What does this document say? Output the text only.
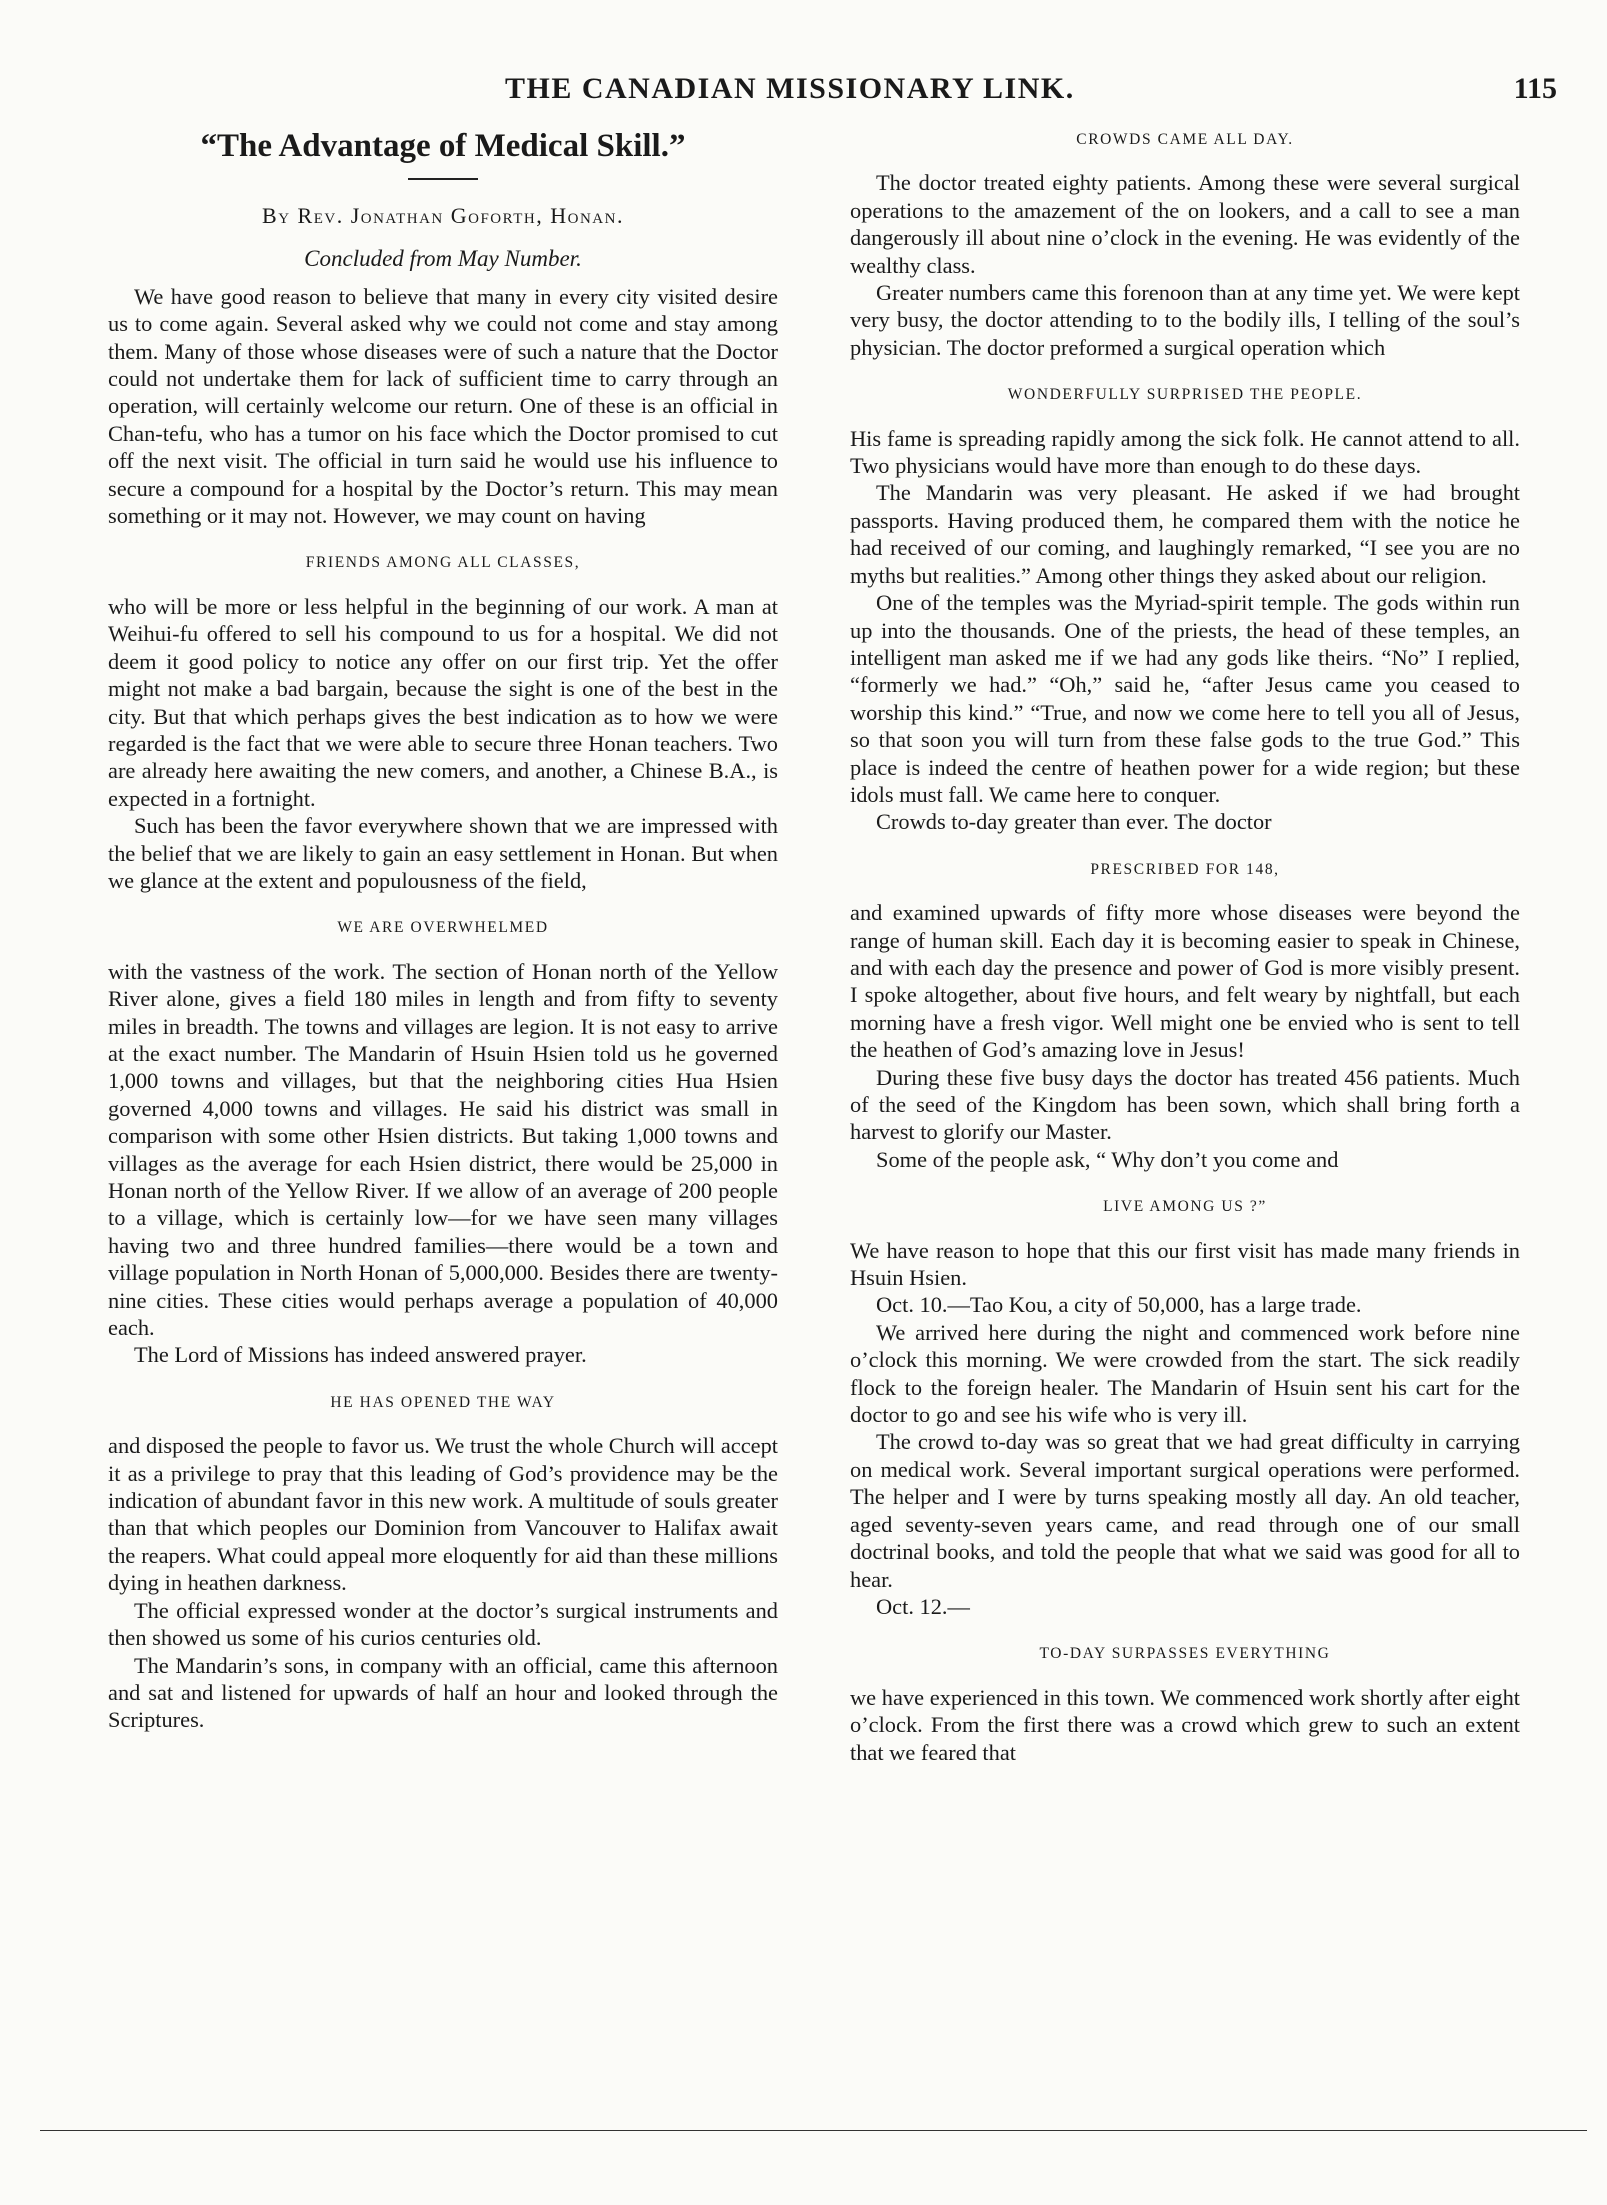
THE CANADIAN MISSIONARY LINK.	115
“The Advantage of Medical Skill.”
By Rev. Jonathan Goforth, Honan.
Concluded from May Number.

We have good reason to believe that many in every city visited desire us to come again. Several asked why we could not come and stay among them. Many of those whose diseases were of such a nature that the Doctor could not undertake them for lack of sufficient time to carry through an operation, will certainly welcome our return. One of these is an official in Chan-tefu, who has a tumor on his face which the Doctor promised to cut off the next visit. The official in turn said he would use his influence to secure a compound for a hospital by the Doctor’s return. This may mean something or it may not. However, we may count on having

FRIENDS AMONG ALL CLASSES,

who will be more or less helpful in the beginning of our work. A man at Weihui-fu offered to sell his compound to us for a hospital. We did not deem it good policy to notice any offer on our first trip. Yet the offer might not make a bad bargain, because the sight is one of the best in the city. But that which perhaps gives the best indication as to how we were regarded is the fact that we were able to secure three Honan teachers. Two are already here awaiting the new comers, and another, a Chinese B.A., is expected in a fortnight.

Such has been the favor everywhere shown that we are impressed with the belief that we are likely to gain an easy settlement in Honan. But when we glance at the extent and populousness of the field,

WE ARE OVERWHELMED

with the vastness of the work. The section of Honan north of the Yellow River alone, gives a field 180 miles in length and from fifty to seventy miles in breadth. The towns and villages are legion. It is not easy to arrive at the exact number. The Mandarin of Hsuin Hsien told us he governed 1,000 towns and villages, but that the neighboring cities Hua Hsien governed 4,000 towns and villages. He said his district was small in comparison with some other Hsien districts. But taking 1,000 towns and villages as the average for each Hsien district, there would be 25,000 in Honan north of the Yellow River. If we allow of an average of 200 people to a village, which is certainly low—for we have seen many villages having two and three hundred families—there would be a town and village population in North Honan of 5,000,000. Besides there are twenty-nine cities. These cities would perhaps average a population of 40,000 each.

The Lord of Missions has indeed answered prayer.

HE HAS OPENED THE WAY

and disposed the people to favor us. We trust the whole Church will accept it as a privilege to pray that this leading of God’s providence may be the indication of abundant favor in this new work. A multitude of souls greater than that which peoples our Dominion from Vancouver to Halifax await the reapers. What could appeal more eloquently for aid than these millions dying in heathen darkness.

The official expressed wonder at the doctor’s surgical instruments and then showed us some of his curios centuries old.

The Mandarin’s sons, in company with an official, came this afternoon and sat and listened for upwards of half an hour and looked through the Scriptures.

CROWDS CAME ALL DAY.

The doctor treated eighty patients. Among these were several surgical operations to the amazement of the on lookers, and a call to see a man dangerously ill about nine o’clock in the evening. He was evidently of the wealthy class.

Greater numbers came this forenoon than at any time yet. We were kept very busy, the doctor attending to to the bodily ills, I telling of the soul’s physician. The doctor preformed a surgical operation which

WONDERFULLY SURPRISED THE PEOPLE.

His fame is spreading rapidly among the sick folk. He cannot attend to all. Two physicians would have more than enough to do these days.

The Mandarin was very pleasant. He asked if we had brought passports. Having produced them, he compared them with the notice he had received of our coming, and laughingly remarked, “I see you are no myths but realities.” Among other things they asked about our religion.

One of the temples was the Myriad-spirit temple. The gods within run up into the thousands. One of the priests, the head of these temples, an intelligent man asked me if we had any gods like theirs. “No” I replied, “formerly we had.” “Oh,” said he, “after Jesus came you ceased to worship this kind.” “True, and now we come here to tell you all of Jesus, so that soon you will turn from these false gods to the true God.” This place is indeed the centre of heathen power for a wide region; but these idols must fall. We came here to conquer.

Crowds to-day greater than ever. The doctor

PRESCRIBED FOR 148,

and examined upwards of fifty more whose diseases were beyond the range of human skill. Each day it is becoming easier to speak in Chinese, and with each day the presence and power of God is more visibly present. I spoke altogether, about five hours, and felt weary by nightfall, but each morning have a fresh vigor. Well might one be envied who is sent to tell the heathen of God’s amazing love in Jesus!

During these five busy days the doctor has treated 456 patients. Much of the seed of the Kingdom has been sown, which shall bring forth a harvest to glorify our Master.

Some of the people ask, “ Why don’t you come and

LIVE AMONG US ?”

We have reason to hope that this our first visit has made many friends in Hsuin Hsien.

Oct. 10.—Tao Kou, a city of 50,000, has a large trade.

We arrived here during the night and commenced work before nine o’clock this morning. We were crowded from the start. The sick readily flock to the foreign healer. The Mandarin of Hsuin sent his cart for the doctor to go and see his wife who is very ill.

The crowd to-day was so great that we had great difficulty in carrying on medical work. Several important surgical operations were performed. The helper and I were by turns speaking mostly all day. An old teacher, aged seventy-seven years came, and read through one of our small doctrinal books, and told the people that what we said was good for all to hear.

Oct. 12.—

TO-DAY SURPASSES EVERYTHING

we have experienced in this town. We commenced work shortly after eight o’clock. From the first there was a crowd which grew to such an extent that we feared that
